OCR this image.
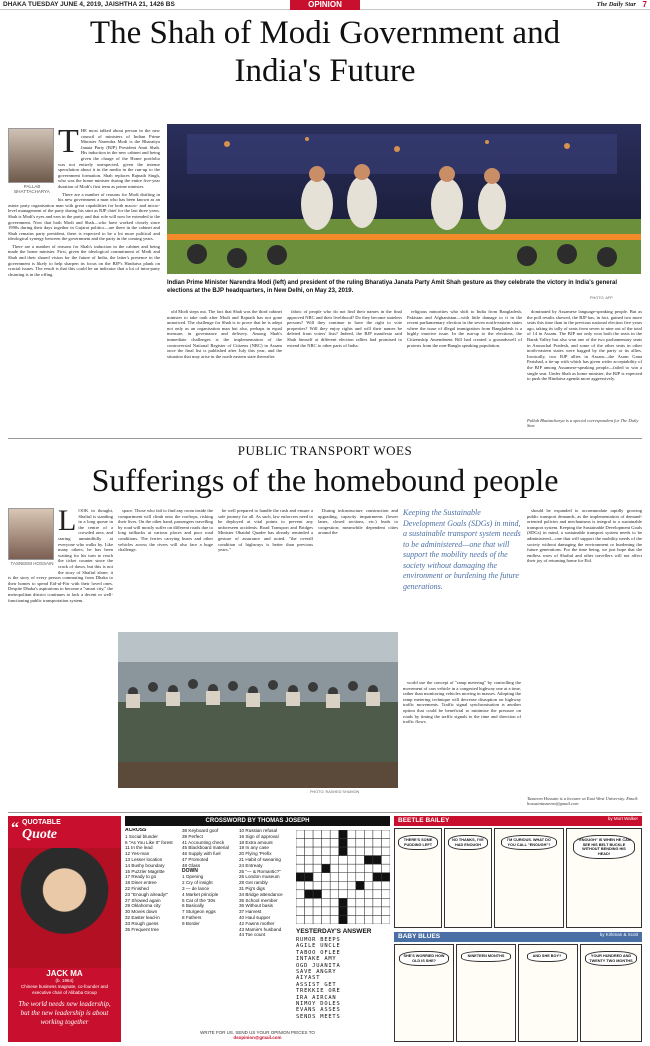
DHAKA TUESDAY JUNE 4, 2019, JAISHTHA 21, 1426 BS	OPINION	The Daily Star 7
The Shah of Modi Government and
India's Future
T HE most talked about person in the new council of ministers of Indian Prime Minister Narendra Modi is the Bharatiya Janata Party (BJP) President Amit Shah. His induction in the new cabinet and being given the charge of the Home portfolio was not entirely unexpected, given the intense speculation about it in the media in the run-up to the government formation. Shah replaces Rajnath Singh, who was the home minister during the entire five-year duration of Modi's first term as prime minister.

There are a number of reasons for Modi drafting in his new government a man who has been known as an astute party organisation man with great capabilities for both macro- and micro-level management of the party during his stint as BJP chief for the last three years. Shah is Modi's eyes and ears in the party, and that role will now be extended to the government. Now that both Modi and Shah—who have worked closely since 1990s during their days together in Gujarat politics—are there in the cabinet and Shah remains party president, there is expected to be a lot more political and ideological synergy between the government and the party in the coming years.

There are a number of reasons for Shah's induction in the cabinet and being made the home minister. First, given the ideological commitment of Modi and Shah and their shared vision for the future of India, the latter's presence in the government is likely to help sharpen its focus on the BJP's Hindutva plank on crucial issues. The result is that this could be an indicator that a lot of intra-party churning is in the offing.

PALLAB BHATTACHARYA
Indian Prime Minister Narendra Modi (left) and president of the ruling Bharatiya Janata Party Amit Shah gesture as they celebrate the victory in India's general elections at the BJP headquarters, in New Delhi, on May 23, 2019.
PHOTO: AFP

old Modi steps out. The fact that Shah was the third cabinet minister to take oath after Modi and Rajnath has not gone unnoticed. The challenge for Shah is to prove that he is adept not only as an organisation man but also, perhaps in equal measure, in governance and delivery. Among Shah's immediate challenges is the implementation of the controversial National Register of Citizens (NRC) in Assam once the final list is published after July this year, and the situation that may arise in the north eastern state thereafter.

fabric of people who do not find their names in the final approved NRC and their livelihood? Do they become stateless persons? Will they continue to have the right to vote properties? Will they enjoy rights and will their names be deleted from voters' lists? Indeed, the BJP manifesto said Shah himself at different election rallies had promised to extend the NRC to other parts of India.

religious minorities who shift to India from Bangladesh, Pakistan and Afghanistan—with little damage to it in the recent parliamentary election in the seven north-eastern states where the issue of illegal immigration from Bangladesh is a highly emotive issue. In the run-up to the elections, the Citizenship Amendment Bill had created a groundswell of protests from the non-Bangla speaking population.

dominated by Assamese language-speaking people. But as the poll results showed, the BJP has, in fact, gained two more seats this time than in the previous national election five years ago, taking its tally of seats from seven to nine out of the total of 14 in Assam. The BJP not only won both the seats in the Barak Valley but also won one of the two parliamentary seats in Arunachal Pradesh, and some of the other seats in other north-eastern states were bagged by the party or its allies. Ironically, two BJP allies in Assam—the Asom Gana Parishad, a tie-up with which has given wider acceptability of the BJP among Assamese-speaking people—failed to win a single seat. Under Shah as home minister, the BJP is expected to push the Hindutva agenda more aggressively.

Pallab Bhattacharya is a special correspondent for The Daily Star.
PUBLIC TRANSPORT WOES
Sufferings of the homebound people
L OOK in thought, Shafiul is standing in a long queue in the centre of a crowded area, and staring unmindfully at everyone who walks by. Like many others, he has been waiting for his turn to reach the ticket counter since the crack of dawn, but this is not the story of Shafiul alone; it is the story of every person commuting from Dhaka to their homes to spend Eid-ul-Fitr with their loved ones. Despite Dhaka's aspirations to become a "smart city," the metropolitan district continues to lack a decent or well-functioning public transportation system.

TASNEEM HOSSAIN

space. Those who fail to find any room inside the compartment will climb onto the rooftops, risking their lives. On the other hand, passengers travelling by road will mostly suffer on different roads due to long tailbacks at various places and poor road conditions. The ferries carrying buses and other vehicles across the rivers will also face a huge challenge.

be well prepared to handle the rush and ensure a safe journey for all. As such, law enforcers need to be deployed at vital points to prevent any unforeseen accidents. Road Transport and Bridges Minister Obaidul Quader has already reminded a gesture of assurance and noted, "the overall condition of highways is better than previous years."

During infrastructure construction and upgrading, capacity impairments (lower lanes, closed sections, etc.) leads to congestion; meanwhile dependent cities around the

PHOTO: RASHED SHUMON
Keeping the Sustainable Development Goals (SDGs) in mind, a sustainable transport system needs to be administered—one that will support the mobility needs of the society without damaging the environment or burdening the future generations.

world use the concept of "ramp metering" by controlling the movement of cars vehicle in a congested highway one at a time, rather than monitoring vehicles moving in masses. Adopting the ramp metering technique will decrease disruption on highway traffic movements. Traffic signal synchronisation is another option that could be beneficial to minimise the pressure on roads by timing the traffic signals to the time and direction of traffic flows.

should be expanded to accommodate rapidly growing public transport demands, as the implementation of demand-oriented policies and mechanisms is integral to a sustainable transport system. Keeping the Sustainable Development Goals (SDGs) in mind, a sustainable transport system needs to be administered—one that will support the mobility needs of the society without damaging the environment or burdening the future generations. For the time being, we just hope that the endless woes of Shafiul and other travellers will not affect their joy of returning home for Eid.

Tasneem Hossain is a lecturer at East West University. Email: hossaintasneem@gmail.com
“ QUOTABLE
Quote
JACK MA
(b. 1964)
Chinese business magnate, co-founder and executive chair of Alibaba Group
The world needs new leadership, but the new leadership is about working together
CROSSWORD BY THOMAS JOSEPH
ACROSS
1 Social blunder
6 "As You Like It" forest
11 In the lead
12 Yes-man
13 Lesser location
14 Bushy boundary
15 Puzzler Magritte
17 Ready to go
18 Diner entree
22 Finished
23 "Enough already!"
27 Showed again
29 Oklahoma city
30 Moves down
32 Easter lead-in
33 Rough guess
35 Frequent tree
38 Keyboard goof
39 Perfect
41 Accounting check
45 Blackboard material
46 Supply with fuel
47 Promoted
48 Glass
DOWN
1 Opening
2 Cry of insight
3 — de lance
4 Market principle
5 Cat of the '30s
6 Basically
7 Sturgeon eggs
8 Fathers
9 Border
10 Russian refusal
16 Sign of approval
18 Extra amount
19 In any case
20 Flying 'Prefix
21 Habit of swearing
24 Entreaty
25 "— & Romantic?"
26 London museum
28 Get rambly
31 Pig's digs
34 Bridge attendance
35 School member
36 Without basis
37 Harvest
40 Haul supper
42 Fawns mother
43 Mamie's husband
44 Toe count	YESTERDAY'S ANSWER
RUMOR BEEPS
AGILE UNCLE
TABOO OFLEE
INTAKE AMY
OGD JUANITA
SAVE ANGRY
AIYAST
ASSIST GET
TREKKIE ORE
IRA AIRCAN
NIMOY DOLES
EVANS ASSES
SENDS MEETS
WRITE FOR US. SEND US YOUR OPINION PIECES TO
dsopinion@gmail.com
BEETLE BAILEY	by Mort Walker
THERE'S SOME PUDDING LEFT
NO THANKS, I'VE HAD ENOUGH
I'M CURIOUS. WHAT DO YOU CALL "ENOUGH"?
"ENOUGH" IS WHEN HE CAN SEE HIS BELT BUCKLE WITHOUT BENDING HIS HEAD!
BABY BLUES	by Kirkman & Scott
SHE'S WORRIED HOW OLD IS SHE?
NINETEEN MONTHS	AND SHE BOY?	YOUR HUNDRED AND TWENTY TWO MONTHS
